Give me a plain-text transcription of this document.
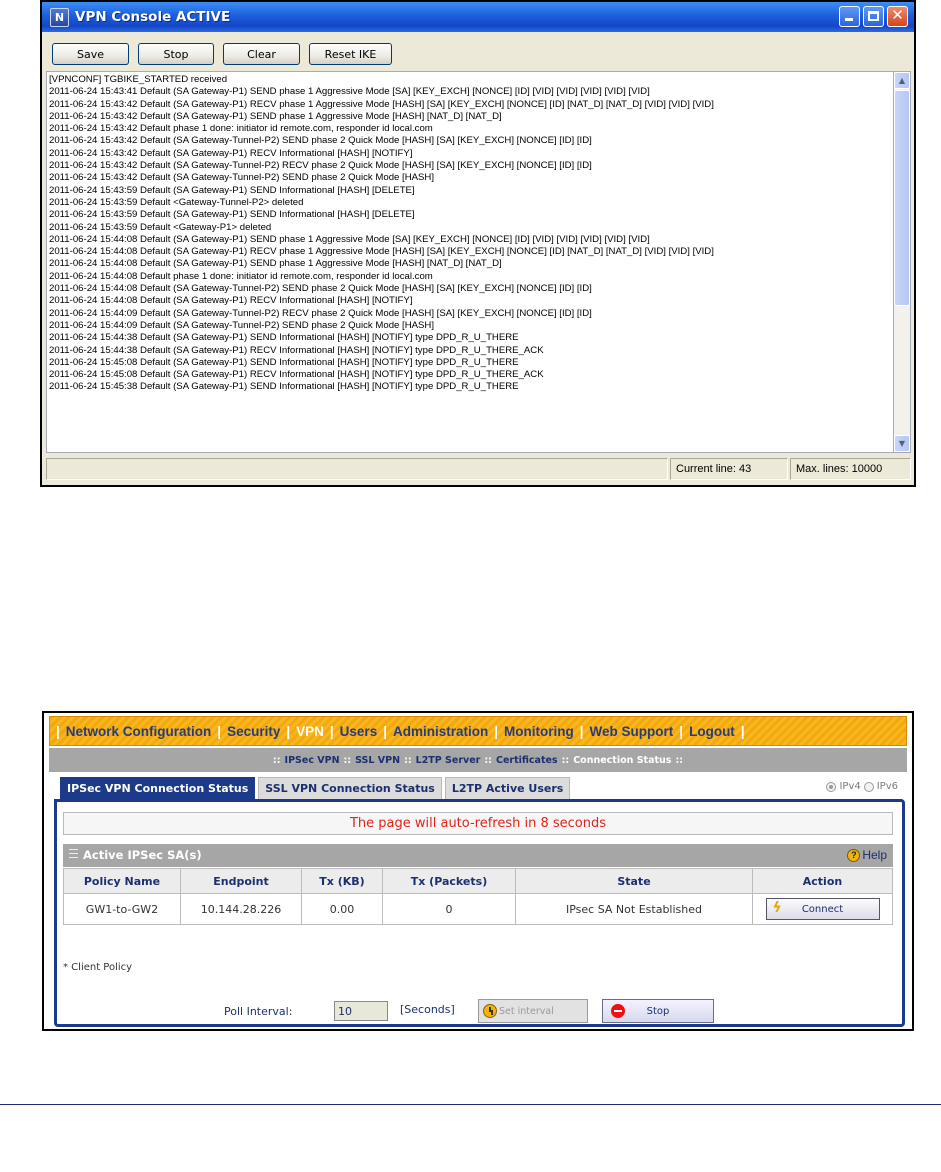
N VPN Console ACTIVE	✕
Save	Stop	Clear	Reset IKE
[VPNCONF] TGBIKE_STARTED received
2011-06-24 15:43:41 Default (SA Gateway-P1) SEND phase 1 Aggressive Mode [SA] [KEY_EXCH] [NONCE] [ID] [VID] [VID] [VID] [VID] [VID]
2011-06-24 15:43:42 Default (SA Gateway-P1) RECV phase 1 Aggressive Mode [HASH] [SA] [KEY_EXCH] [NONCE] [ID] [NAT_D] [NAT_D] [VID] [VID] [VID]
2011-06-24 15:43:42 Default (SA Gateway-P1) SEND phase 1 Aggressive Mode [HASH] [NAT_D] [NAT_D]
2011-06-24 15:43:42 Default phase 1 done: initiator id remote.com, responder id local.com
2011-06-24 15:43:42 Default (SA Gateway-Tunnel-P2) SEND phase 2 Quick Mode [HASH] [SA] [KEY_EXCH] [NONCE] [ID] [ID]
2011-06-24 15:43:42 Default (SA Gateway-P1) RECV Informational [HASH] [NOTIFY]
2011-06-24 15:43:42 Default (SA Gateway-Tunnel-P2) RECV phase 2 Quick Mode [HASH] [SA] [KEY_EXCH] [NONCE] [ID] [ID]
2011-06-24 15:43:42 Default (SA Gateway-Tunnel-P2) SEND phase 2 Quick Mode [HASH]
2011-06-24 15:43:59 Default (SA Gateway-P1) SEND Informational [HASH] [DELETE]
2011-06-24 15:43:59 Default <Gateway-Tunnel-P2> deleted
2011-06-24 15:43:59 Default (SA Gateway-P1) SEND Informational [HASH] [DELETE]
2011-06-24 15:43:59 Default <Gateway-P1> deleted
2011-06-24 15:44:08 Default (SA Gateway-P1) SEND phase 1 Aggressive Mode [SA] [KEY_EXCH] [NONCE] [ID] [VID] [VID] [VID] [VID] [VID]
2011-06-24 15:44:08 Default (SA Gateway-P1) RECV phase 1 Aggressive Mode [HASH] [SA] [KEY_EXCH] [NONCE] [ID] [NAT_D] [NAT_D] [VID] [VID] [VID]
2011-06-24 15:44:08 Default (SA Gateway-P1) SEND phase 1 Aggressive Mode [HASH] [NAT_D] [NAT_D]
2011-06-24 15:44:08 Default phase 1 done: initiator id remote.com, responder id local.com
2011-06-24 15:44:08 Default (SA Gateway-Tunnel-P2) SEND phase 2 Quick Mode [HASH] [SA] [KEY_EXCH] [NONCE] [ID] [ID]
2011-06-24 15:44:08 Default (SA Gateway-P1) RECV Informational [HASH] [NOTIFY]
2011-06-24 15:44:09 Default (SA Gateway-Tunnel-P2) RECV phase 2 Quick Mode [HASH] [SA] [KEY_EXCH] [NONCE] [ID] [ID]
2011-06-24 15:44:09 Default (SA Gateway-Tunnel-P2) SEND phase 2 Quick Mode [HASH]
2011-06-24 15:44:38 Default (SA Gateway-P1) SEND Informational [HASH] [NOTIFY] type DPD_R_U_THERE
2011-06-24 15:44:38 Default (SA Gateway-P1) RECV Informational [HASH] [NOTIFY] type DPD_R_U_THERE_ACK
2011-06-24 15:45:08 Default (SA Gateway-P1) SEND Informational [HASH] [NOTIFY] type DPD_R_U_THERE
2011-06-24 15:45:08 Default (SA Gateway-P1) RECV Informational [HASH] [NOTIFY] type DPD_R_U_THERE_ACK
2011-06-24 15:45:38 Default (SA Gateway-P1) SEND Informational [HASH] [NOTIFY] type DPD_R_U_THERE
▲
▼
Current line: 43	Max. lines: 10000
| Network Configuration | Security | VPN | Users | Administration | Monitoring | Web Support | Logout |
:: IPSec VPN :: SSL VPN :: L2TP Server :: Certificates :: Connection Status ::
IPSec VPN Connection Status	SSL VPN Connection Status	L2TP Active Users	IPv4 IPv6
The page will auto-refresh in 8 seconds
Active IPSec SA(s)	? Help
Policy Name	Endpoint	Tx (KB)	Tx (Packets)	State	Action
GW1-to-GW2	10.144.28.226	0.00	0	IPsec SA Not Established	ϟ Connect
* Client Policy
Poll Interval:
10	[Seconds]	Set interval	Stop
